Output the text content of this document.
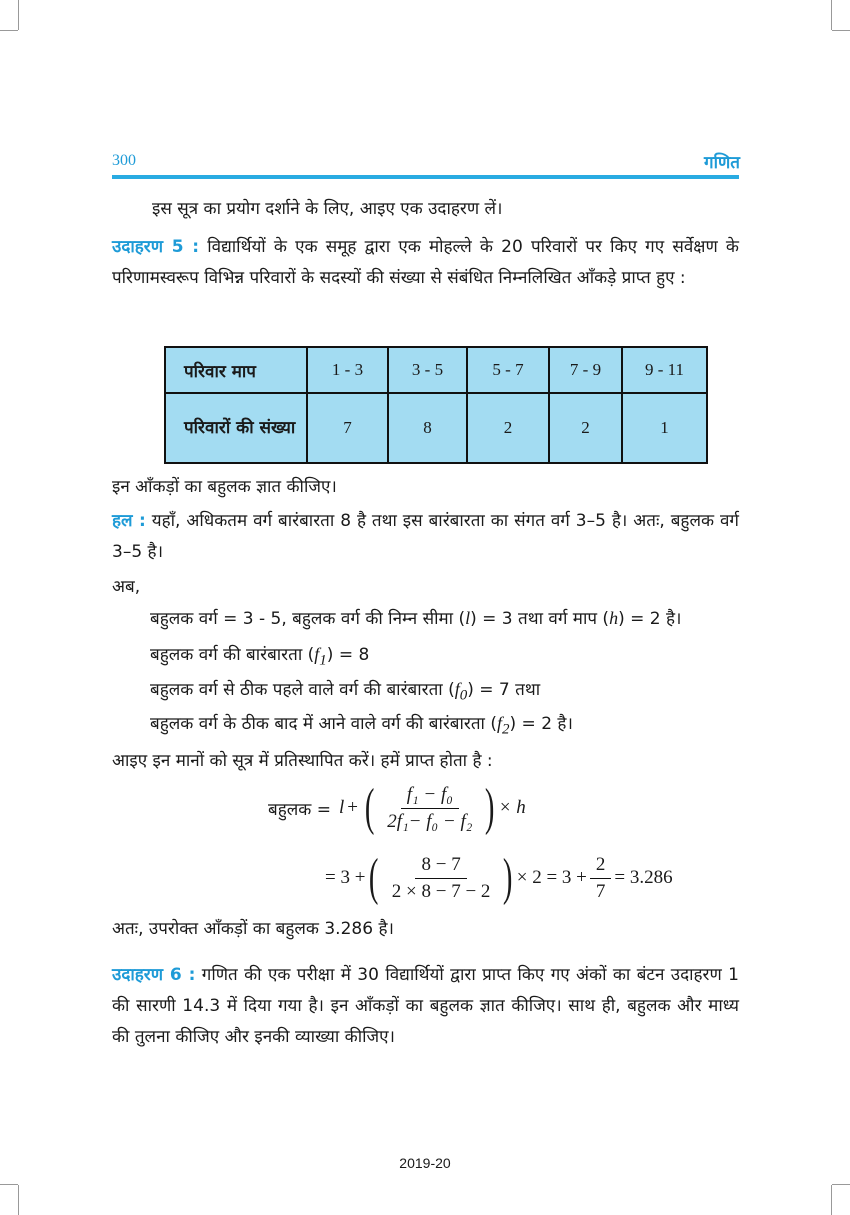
300	गणित
इस सूत्र का प्रयोग दर्शाने के लिए, आइए एक उदाहरण लें।
उदाहरण 5 : विद्यार्थियों के एक समूह द्वारा एक मोहल्ले के 20 परिवारों पर किए गए सर्वेक्षण के परिणामस्वरूप विभिन्न परिवारों के सदस्यों की संख्या से संबंधित निम्नलिखित आँकड़े प्राप्त हुए :
परिवार माप	1 - 3	3 - 5	5 - 7	7 - 9	9 - 11
परिवारों की संख्या	7	8	2	2	1
इन आँकड़ों का बहुलक ज्ञात कीजिए।
हल : यहाँ, अधिकतम वर्ग बारंबारता 8 है तथा इस बारंबारता का संगत वर्ग 3–5 है। अतः, बहुलक वर्ग 3–5 है।
अब,
बहुलक वर्ग = 3 - 5, बहुलक वर्ग की निम्न सीमा (l) = 3 तथा वर्ग माप (h) = 2 है।
बहुलक वर्ग की बारंबारता $(f_1) = 8$
बहुलक वर्ग से ठीक पहले वाले वर्ग की बारंबारता $(f_0) = 7$ तथा
बहुलक वर्ग के ठीक बाद में आने वाले वर्ग की बारंबारता $(f_2) = 2$ है।
आइए इन मानों को सूत्र में प्रतिस्थापित करें। हमें प्राप्त होता है :
बहुलक = l + ( $\frac{\text{f₁ − f₀}}{\text{2f₁− f₀ − f₂}}$ ) × h
= 3 + ( $\frac{8 - 7}{2 \times 8 - 7 - 2}$ ) × $2 = 3 + \frac{2}{7} = 3.286$
अतः, उपरोक्त आँकड़ों का बहुलक 3.286 है।
उदाहरण 6 : गणित की एक परीक्षा में 30 विद्यार्थियों द्वारा प्राप्त किए गए अंकों का बंटन उदाहरण 1 की सारणी 14.3 में दिया गया है। इन आँकड़ों का बहुलक ज्ञात कीजिए। साथ ही, बहुलक और माध्य की तुलना कीजिए और इनकी व्याख्या कीजिए।
2019-20
